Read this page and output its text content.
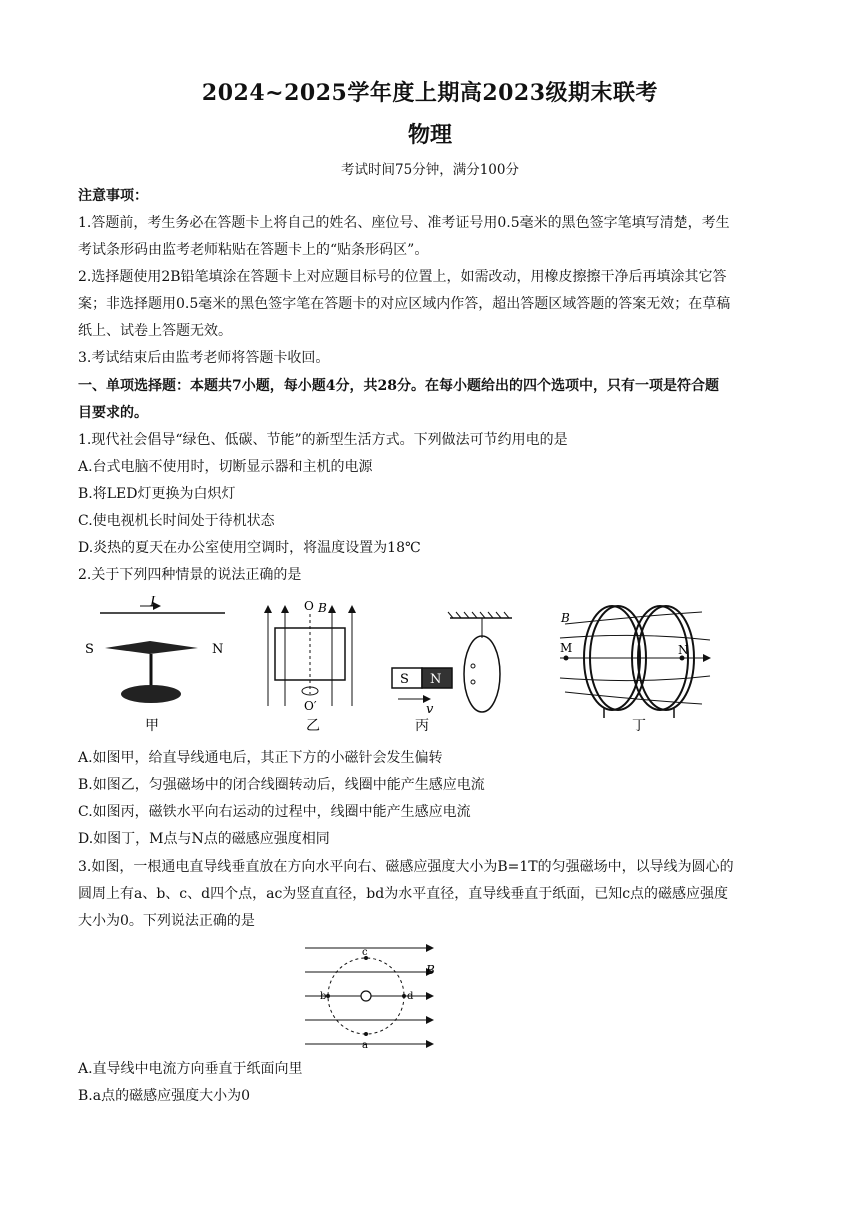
2024~2025学年度上期高2023级期末联考
物理
考试时间75分钟，满分100分
注意事项：
1.答题前，考生务必在答题卡上将自己的姓名、座位号、准考证号用0.5毫米的黑色签字笔填写清楚，考生
考试条形码由监考老师粘贴在答题卡上的“贴条形码区”。
2.选择题使用2B铅笔填涂在答题卡上对应题目标号的位置上，如需改动，用橡皮擦擦干净后再填涂其它答
案；非选择题用0.5毫米的黑色签字笔在答题卡的对应区域内作答，超出答题区域答题的答案无效；在草稿
纸上、试卷上答题无效。
3.考试结束后由监考老师将答题卡收回。
一、单项选择题：本题共7小题，每小题4分，共28分。在每小题给出的四个选项中，只有一项是符合题
目要求的。
1.现代社会倡导“绿色、低碳、节能”的新型生活方式。下列做法可节约用电的是
A.台式电脑不使用时，切断显示器和主机的电源
B.将LED灯更换为白炽灯
C.使电视机长时间处于待机状态
D.炎热的夏天在办公室使用空调时，将温度设置为18℃
2.关于下列四种情景的说法正确的是
I
S	N
甲
O B
O′
乙
S N
v
丙
B
M	N
丁
A.如图甲，给直导线通电后，其正下方的小磁针会发生偏转
B.如图乙，匀强磁场中的闭合线圈转动后，线圈中能产生感应电流
C.如图丙，磁铁水平向右运动的过程中，线圈中能产生感应电流
D.如图丁，M点与N点的磁感应强度相同
3.如图，一根通电直导线垂直放在方向水平向右、磁感应强度大小为B=1T的匀强磁场中，以导线为圆心的
圆周上有a、b、c、d四个点，ac为竖直直径，bd为水平直径，直导线垂直于纸面，已知c点的磁感应强度
大小为0。下列说法正确的是
B
c
a
b	d
A.直导线中电流方向垂直于纸面向里
B.a点的磁感应强度大小为0
